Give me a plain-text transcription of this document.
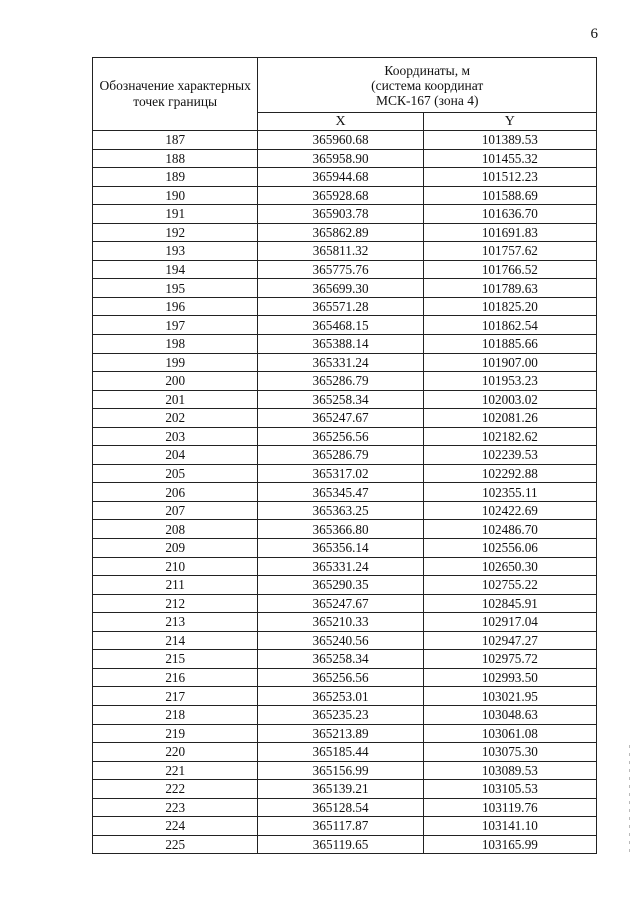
6
Обозначение характерных точек границы	Координаты, м
(система координат
МСК-167 (зона 4)	

	X	Y
187	365960.68	101389.53
188	365958.90	101455.32
189	365944.68	101512.23
190	365928.68	101588.69
191	365903.78	101636.70
192	365862.89	101691.83
193	365811.32	101757.62
194	365775.76	101766.52
195	365699.30	101789.63
196	365571.28	101825.20
197	365468.15	101862.54
198	365388.14	101885.66
199	365331.24	101907.00
200	365286.79	101953.23
201	365258.34	102003.02
202	365247.67	102081.26
203	365256.56	102182.62
204	365286.79	102239.53
205	365317.02	102292.88
206	365345.47	102355.11
207	365363.25	102422.69
208	365366.80	102486.70
209	365356.14	102556.06
210	365331.24	102650.30
211	365290.35	102755.22
212	365247.67	102845.91
213	365210.33	102917.04
214	365240.56	102947.27
215	365258.34	102975.72
216	365256.56	102993.50
217	365253.01	103021.95
218	365235.23	103048.63
219	365213.89	103061.08
220	365185.44	103075.30
221	365156.99	103089.53
222	365139.21	103105.53
223	365128.54	103119.76
224	365117.87	103141.10
225	365119.65	103165.99
